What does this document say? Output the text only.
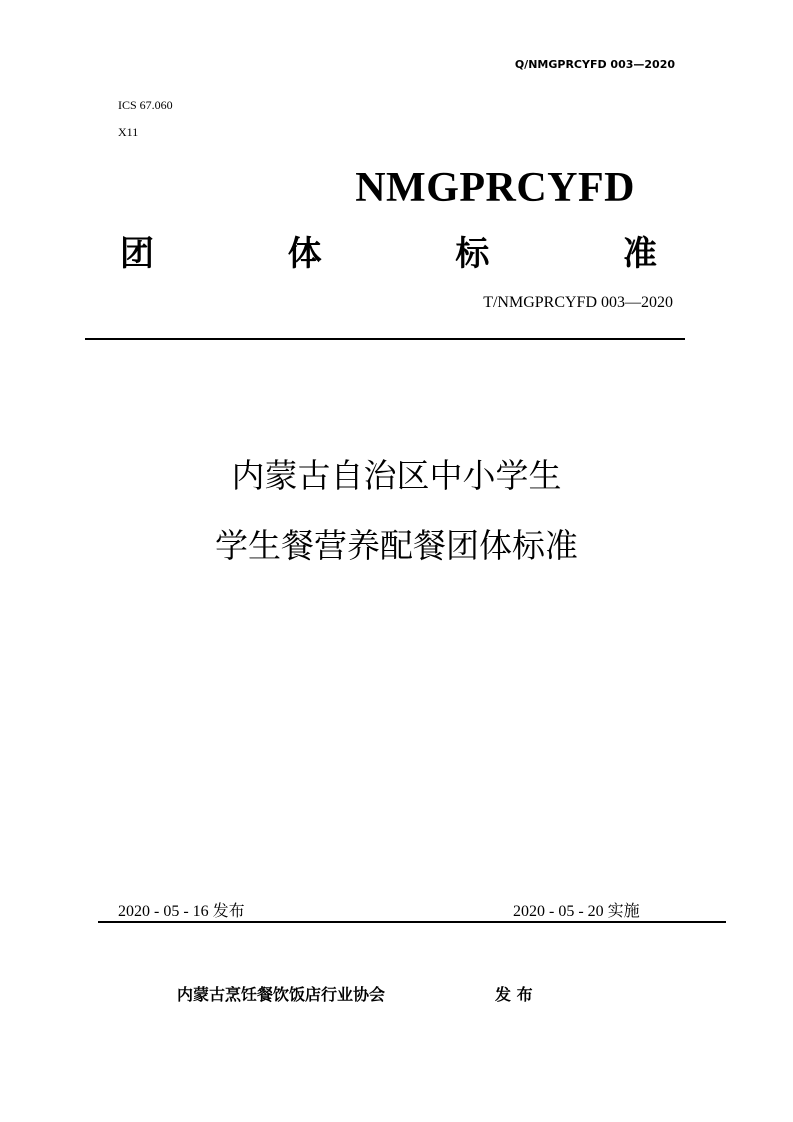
Q/NMGPRCYFD 003—2020
ICS 67.060
X11
NMGPRCYFD
团	体	标	准
T/NMGPRCYFD 003—2020
内蒙古自治区中小学生
学生餐营养配餐团体标准
2020 - 05 - 16 发布	2020 - 05 - 20 实施
内蒙古烹饪餐饮饭店行业协会	发 布
